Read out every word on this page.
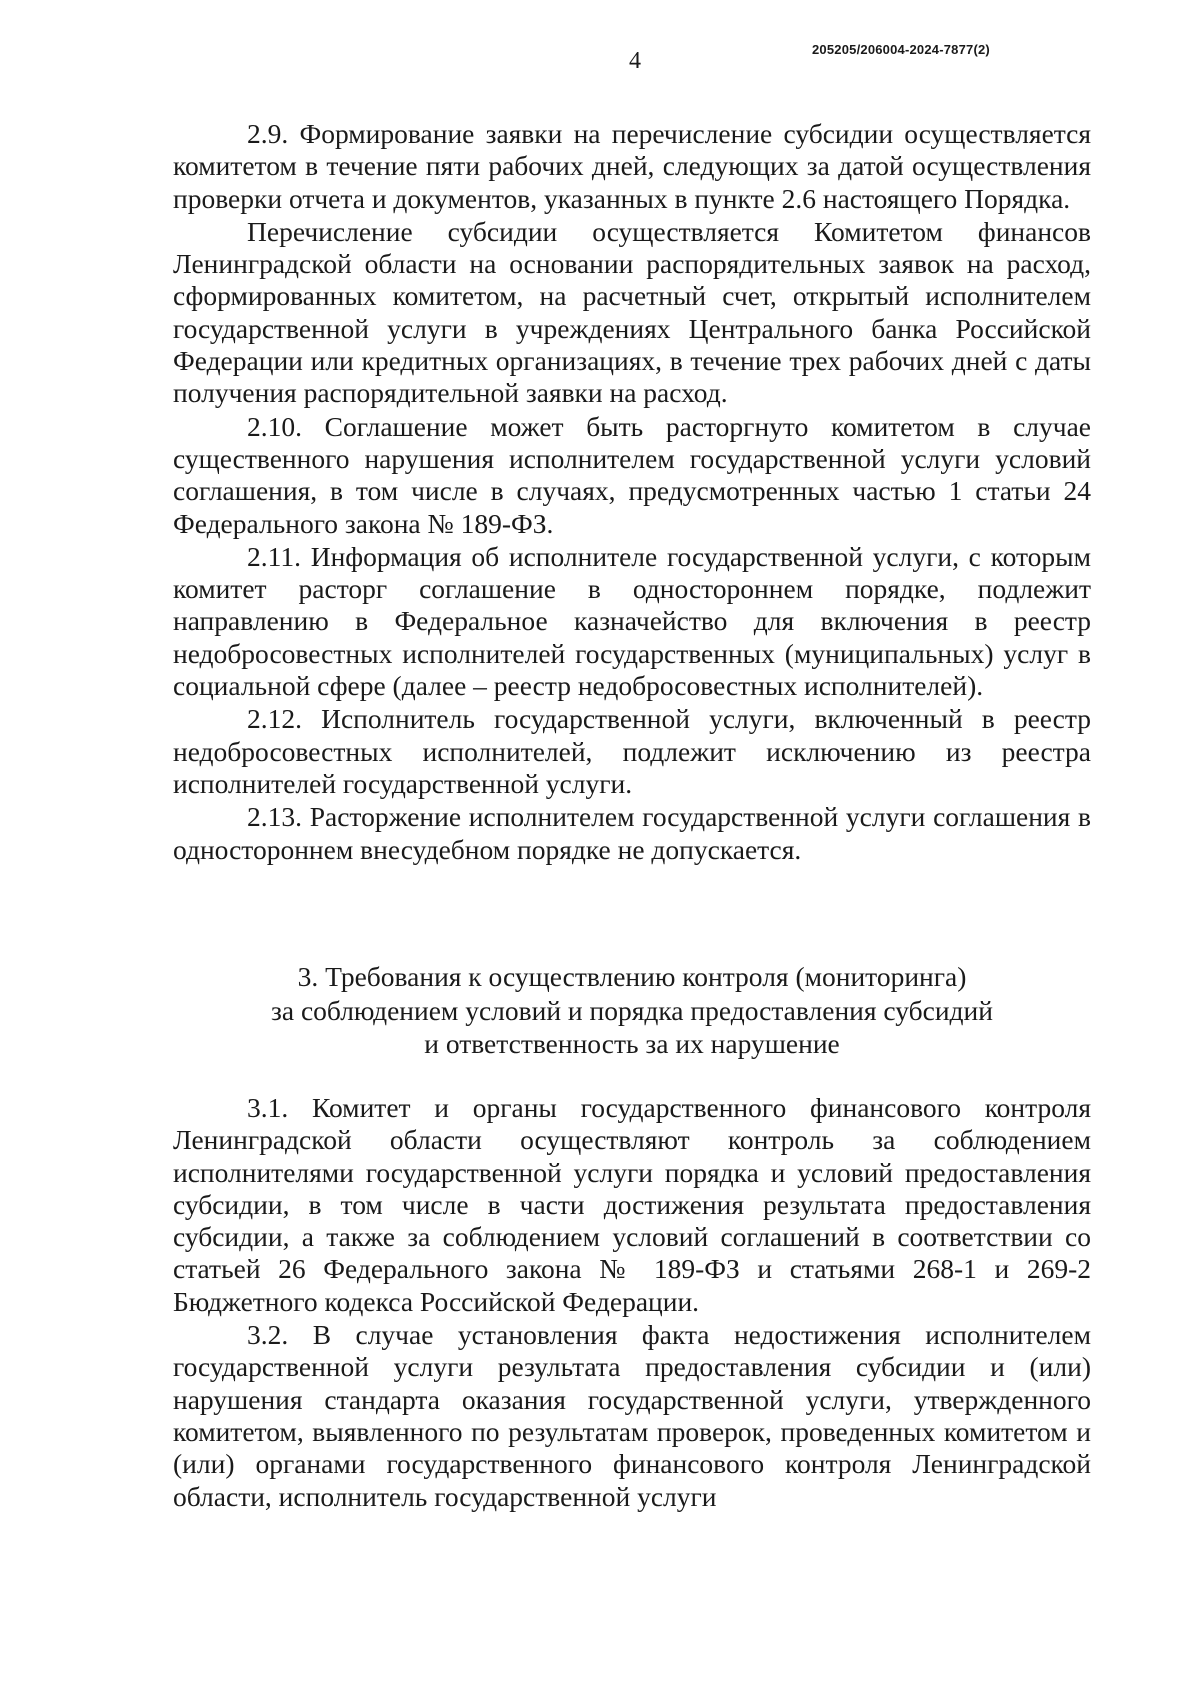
4	205205/206004-2024-7877(2)

2.9. Формирование заявки на перечисление субсидии осуществляется комитетом в течение пяти рабочих дней, следующих за датой осуществления проверки отчета и документов, указанных в пункте 2.6 настоящего Порядка.

Перечисление субсидии осуществляется Комитетом финансов Ленинградской области на основании распорядительных заявок на расход, сформированных комитетом, на расчетный счет, открытый исполнителем государственной услуги в учреждениях Центрального банка Российской Федерации или кредитных организациях, в течение трех рабочих дней с даты получения распорядительной заявки на расход.

2.10. Соглашение может быть расторгнуто комитетом в случае существенного нарушения исполнителем государственной услуги условий соглашения, в том числе в случаях, предусмотренных частью 1 статьи 24 Федерального закона № 189-ФЗ.

2.11. Информация об исполнителе государственной услуги, с которым комитет расторг соглашение в одностороннем порядке, подлежит направлению в Федеральное казначейство для включения в реестр недобросовестных исполнителей государственных (муниципальных) услуг в социальной сфере (далее – реестр недобросовестных исполнителей).

2.12. Исполнитель государственной услуги, включенный в реестр недобросовестных исполнителей, подлежит исключению из реестра исполнителей государственной услуги.

2.13. Расторжение исполнителем государственной услуги соглашения в одностороннем внесудебном порядке не допускается.

3. Требования к осуществлению контроля (мониторинга)
за соблюдением условий и порядка предоставления субсидий
и ответственность за их нарушение

3.1. Комитет и органы государственного финансового контроля Ленинградской области осуществляют контроль за соблюдением исполнителями государственной услуги порядка и условий предоставления субсидии, в том числе в части достижения результата предоставления субсидии, а также за соблюдением условий соглашений в соответствии со статьей 26 Федерального закона № 189-ФЗ и статьями 268-1 и 269-2 Бюджетного кодекса Российской Федерации.

3.2. В случае установления факта недостижения исполнителем государственной услуги результата предоставления субсидии и (или) нарушения стандарта оказания государственной услуги, утвержденного комитетом, выявленного по результатам проверок, проведенных комитетом и (или) органами государственного финансового контроля Ленинградской области, исполнитель государственной услуги
